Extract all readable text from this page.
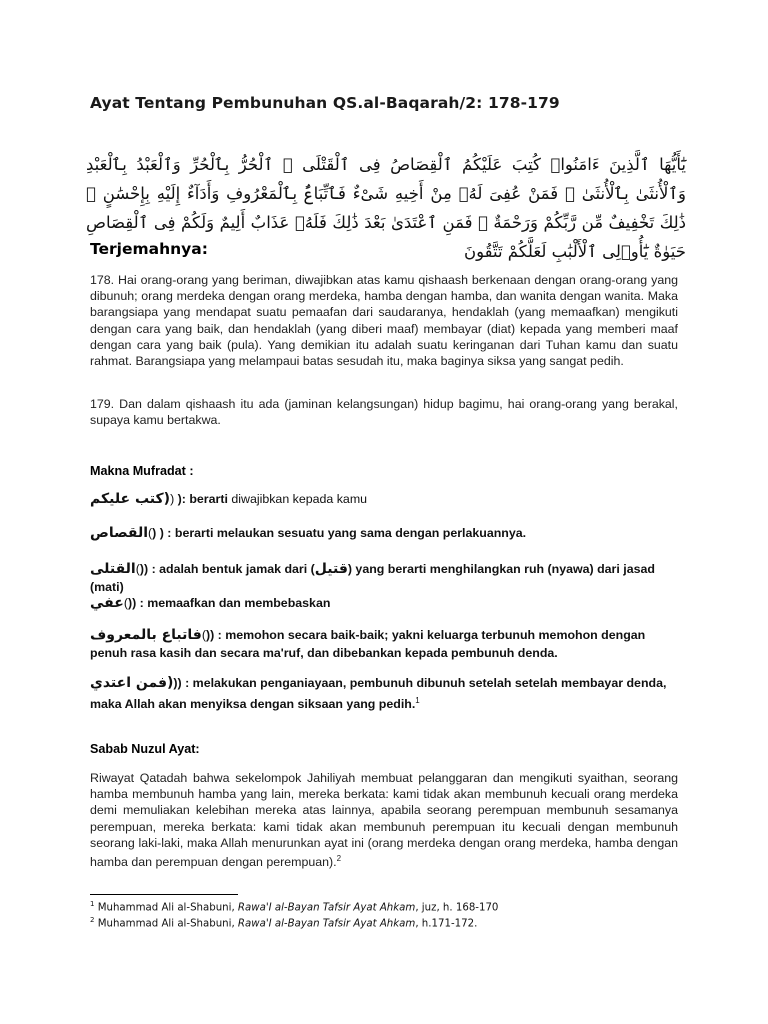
Ayat Tentang Pembunuhan QS.al-Baqarah/2: 178-179
يَٰٓأَيُّهَا ٱلَّذِينَ ءَامَنُوا۟ كُتِبَ عَلَيْكُمُ ٱلْقِصَاصُ فِى ٱلْقَتْلَى ۖ ٱلْحُرُّ بِٱلْحُرِّ وَٱلْعَبْدُ بِٱلْعَبْدِ وَٱلْأُنثَىٰ بِٱلْأُنثَىٰ ۚ فَمَنْ عُفِىَ لَهُۥ مِنْ أَخِيهِ شَىْءٌ فَٱتِّبَاعٌۢ بِٱلْمَعْرُوفِ وَأَدَآءٌ إِلَيْهِ بِإِحْسَٰنٍ ۗ ذَٰلِكَ تَخْفِيفٌ مِّن رَّبِّكُمْ وَرَحْمَةٌ ۗ فَمَنِ ٱعْتَدَىٰ بَعْدَ ذَٰلِكَ فَلَهُۥ عَذَابٌ أَلِيمٌ وَلَكُمْ فِى ٱلْقِصَاصِ حَيَوٰةٌ يَٰٓأُو۟لِى ٱلْأَلْبَٰبِ لَعَلَّكُمْ تَتَّقُونَ
Terjemahnya:
178. Hai orang-orang yang beriman, diwajibkan atas kamu qishaash berkenaan dengan orang-orang yang dibunuh; orang merdeka dengan orang merdeka, hamba dengan hamba, dan wanita dengan wanita. Maka barangsiapa yang mendapat suatu pemaafan dari saudaranya, hendaklah (yang memaafkan) mengikuti dengan cara yang baik, dan hendaklah (yang diberi maaf) membayar (diat) kepada yang memberi maaf dengan cara yang baik (pula). Yang demikian itu adalah suatu keringanan dari Tuhan kamu dan suatu rahmat. Barangsiapa yang melampaui batas sesudah itu, maka baginya siksa yang sangat pedih.
179. Dan dalam qishaash itu ada (jaminan kelangsungan) hidup bagimu, hai orang-orang yang berakal, supaya kamu bertakwa.
Makna Mufradat :
(كتب عليكم) ): berarti diwajibkan kepada kamu
القصاص() ) : berarti melaukan sesuatu yang sama dengan perlakuannya.
القتلى()) : adalah bentuk jamak dari (قتيل) yang berarti menghilangkan ruh (nyawa) dari jasad (mati)
عفي()) : memaafkan dan membebaskan
فاتباع بالمعروف()) : memohon secara baik-baik; yakni keluarga terbunuh memohon dengan penuh rasa kasih dan secara ma'ruf, dan dibebankan kepada pembunuh denda.
(فمن اعتدي)) : melakukan penganiayaan, pembunuh dibunuh setelah setelah membayar denda, maka Allah akan menyiksa dengan siksaan yang pedih.$^1$
Sabab Nuzul Ayat:
Riwayat Qatadah bahwa sekelompok Jahiliyah membuat pelanggaran dan mengikuti syaithan, seorang hamba membunuh hamba yang lain, mereka berkata: kami tidak akan membunuh kecuali orang merdeka demi memuliakan kelebihan mereka atas lainnya, apabila seorang perempuan membunuh sesamanya perempuan, mereka berkata: kami tidak akan membunuh perempuan itu kecuali dengan membunuh seorang laki-laki, maka Allah menurunkan ayat ini (orang merdeka dengan orang merdeka, hamba dengan hamba dan perempuan dengan perempuan).$^2$
$^1$ Muhammad Ali al-Shabuni, Rawa'I al-Bayan Tafsir Ayat Ahkam, juz, h. 168-170
$^2$ Muhammad Ali al-Shabuni, Rawa'I al-Bayan Tafsir Ayat Ahkam, h.171-172.
